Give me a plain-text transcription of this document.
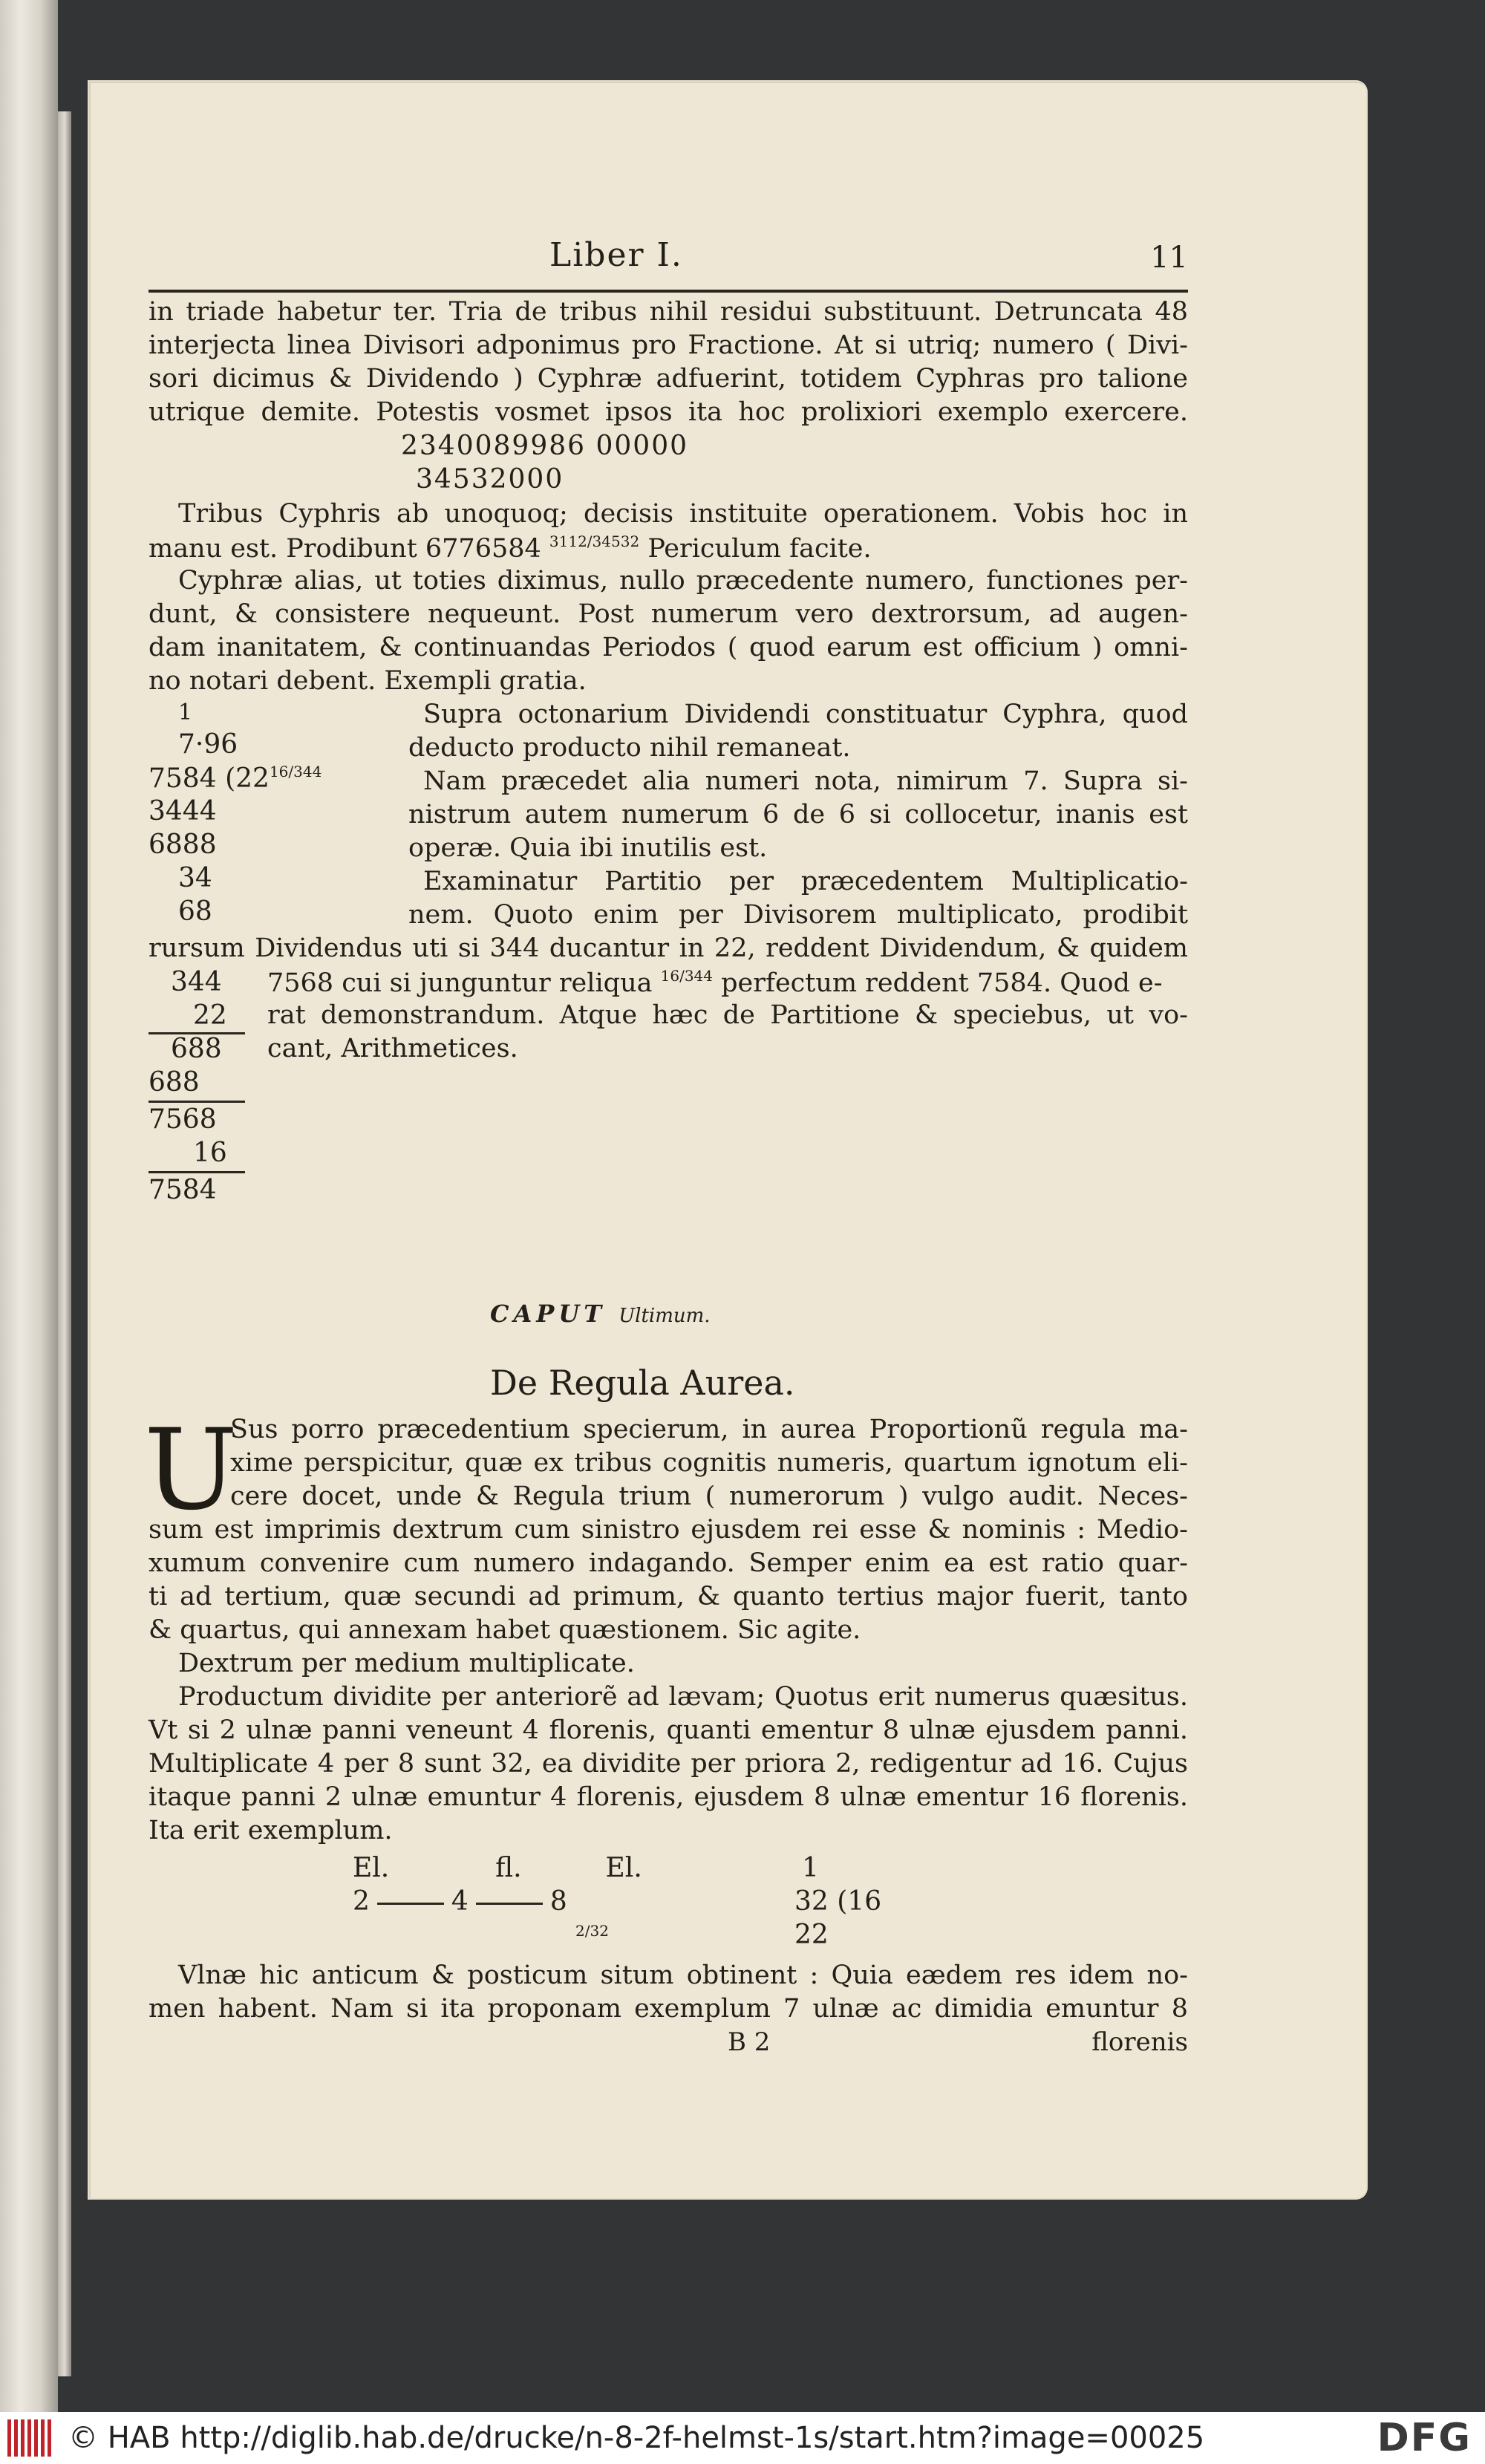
Liber I.	11
in triade habetur ter. Tria de tribus nihil residui substituunt. Detruncata 48
interjecta linea Divisori adponimus pro Fractione. At si utriq; numero ( Divi-
sori dicimus & Dividendo ) Cyphræ adfuerint, totidem Cyphras pro talione
utrique demite. Potestis vosmet ipsos ita hoc prolixiori exemplo exercere.
2340089986 00000
34532000
Tribus Cyphris ab unoquoq; decisis instituite operationem. Vobis hoc in
manu est. Prodibunt 6776584 $^{3112/34532}$ Periculum facite.
Cyphræ alias, ut toties diximus, nullo præcedente numero, functiones per-
dunt, & consistere nequeunt. Post numerum vero dextrorsum, ad augen-
dam inanitatem, & continuandas Periodos ( quod earum est officium ) omni-
no notari debent. Exempli gratia.
1
7·96
7584 ($22^{16/344}$
3444
6888
34
68
Supra octonarium Dividendi constituatur Cyphra, quod
deducto producto nihil remaneat.
Nam præcedet alia numeri nota, nimirum 7. Supra si-
nistrum autem numerum 6 de 6 si collocetur, inanis est
operæ. Quia ibi inutilis est.
Examinatur Partitio per præcedentem Multiplicatio-
nem. Quoto enim per Divisorem multiplicato, prodibit
rursum Dividendus uti si 344 ducantur in 22, reddent Dividendum, & quidem
344
22
688
688
7568
16
7584
7568 cui si junguntur reliqua $^{16/344}$ perfectum reddent 7584. Quod e-
rat demonstrandum. Atque hæc de Partitione & speciebus, ut vo-
cant, Arithmetices.
CAPUT Ultimum.
De Regula Aurea.
U
Sus porro præcedentium specierum, in aurea Proportionũ regula ma-
xime perspicitur, quæ ex tribus cognitis numeris, quartum ignotum eli-
cere docet, unde & Regula trium ( numerorum ) vulgo audit. Neces-
sum est imprimis dextrum cum sinistro ejusdem rei esse & nominis : Medio-
xumum convenire cum numero indagando. Semper enim ea est ratio quar-
ti ad tertium, quæ secundi ad primum, & quanto tertius major fuerit, tanto
& quartus, qui annexam habet quæstionem. Sic agite.
Dextrum per medium multiplicate.
Productum dividite per anteriorẽ ad lævam; Quotus erit numerus quæsitus.
Vt si 2 ulnæ panni veneunt 4 florenis, quanti ementur 8 ulnæ ejusdem panni.
Multiplicate 4 per 8 sunt 32, ea dividite per priora 2, redigentur ad 16. Cujus
itaque panni 2 ulnæ emuntur 4 florenis, ejusdem 8 ulnæ ementur 16 florenis.
Ita erit exemplum.
El.	fl.	El.
2	4	8
2/32
1
32 (16
22
Vlnæ hic anticum & posticum situm obtinent : Quia eædem res idem no-
men habent. Nam si ita proponam exemplum 7 ulnæ ac dimidia emuntur 8
B 2	florenis
© HAB http://diglib.hab.de/drucke/n-8-2f-helmst-1s/start.htm?image=00025	DFG
